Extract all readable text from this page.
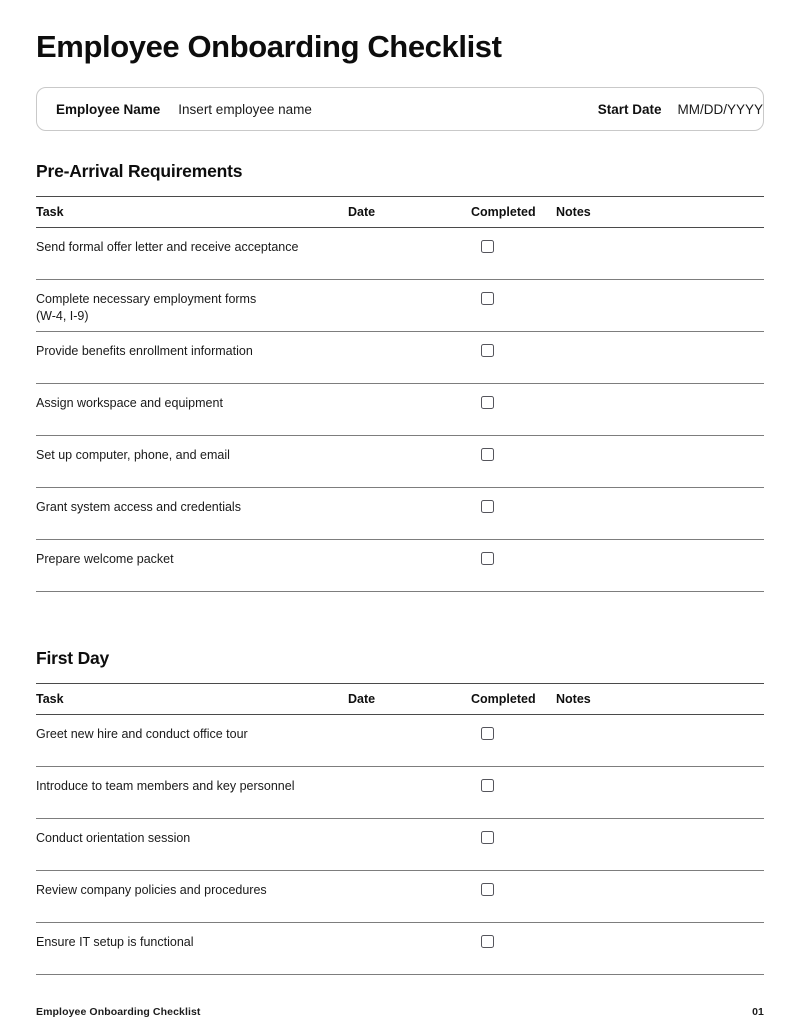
Employee Onboarding Checklist
Employee Name Insert employee name	Start Date MM/DD/YYYY
Pre-Arrival Requirements
Task	Date	Completed	Notes
Send formal offer letter and receive acceptance
Complete necessary employment forms
(W-4, I-9)
Provide benefits enrollment information
Assign workspace and equipment
Set up computer, phone, and email
Grant system access and credentials
Prepare welcome packet
First Day
Task	Date	Completed	Notes
Greet new hire and conduct office tour
Introduce to team members and key personnel
Conduct orientation session
Review company policies and procedures
Ensure IT setup is functional
Employee Onboarding Checklist	01
